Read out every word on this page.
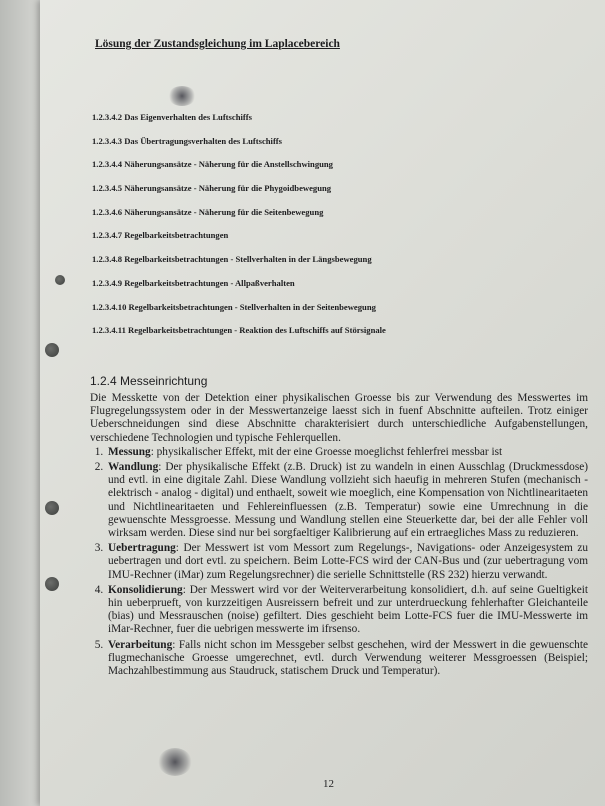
Lösung der Zustandsgleichung im Laplacebereich
1.2.3.4.2 Das Eigenverhalten des Luftschiffs
1.2.3.4.3 Das Übertragungsverhalten des Luftschiffs
1.2.3.4.4 Näherungsansätze - Näherung für die Anstellschwingung
1.2.3.4.5 Näherungsansätze - Näherung für die Phygoidbewegung
1.2.3.4.6 Näherungsansätze - Näherung für die Seitenbewegung
1.2.3.4.7 Regelbarkeitsbetrachtungen
1.2.3.4.8 Regelbarkeitsbetrachtungen - Stellverhalten in der Längsbewegung
1.2.3.4.9 Regelbarkeitsbetrachtungen - Allpaßverhalten
1.2.3.4.10 Regelbarkeitsbetrachtungen - Stellverhalten in der Seitenbewegung
1.2.3.4.11 Regelbarkeitsbetrachtungen - Reaktion des Luftschiffs auf Störsignale
1.2.4 Messeinrichtung

Die Messkette von der Detektion einer physikalischen Groesse bis zur Verwendung des Messwertes im Flugregelungssystem oder in der Messwertanzeige laesst sich in fuenf Abschnitte aufteilen. Trotz einiger Ueberschneidungen sind diese Abschnitte charakterisiert durch unterschiedliche Aufgabenstellungen, verschiedene Technologien und typische Fehlerquellen.

1. Messung: physikalischer Effekt, mit der eine Groesse moeglichst fehlerfrei messbar ist
2. Wandlung: Der physikalische Effekt (z.B. Druck) ist zu wandeln in einen Ausschlag (Druckmessdose) und evtl. in eine digitale Zahl. Diese Wandlung vollzieht sich haeufig in mehreren Stufen (mechanisch - elektrisch - analog - digital) und enthaelt, soweit wie moeglich, eine Kompensation von Nichtlinearitaeten und Nichtlinearitaeten und Fehlereinfluessen (z.B. Temperatur) sowie eine Umrechnung in die gewuenschte Messgroesse. Messung und Wandlung stellen eine Steuerkette dar, bei der alle Fehler voll wirksam werden. Diese sind nur bei sorgfaeltiger Kalibrierung auf ein ertraegliches Mass zu reduzieren.
3. Uebertragung: Der Messwert ist vom Messort zum Regelungs-, Navigations- oder Anzeigesystem zu uebertragen und dort evtl. zu speichern. Beim Lotte-FCS wird der CAN-Bus und (zur uebertragung vom IMU-Rechner (iMar) zum Regelungsrechner) die serielle Schnittstelle (RS 232) hierzu verwandt.
4. Konsolidierung: Der Messwert wird vor der Weiterverarbeitung konsolidiert, d.h. auf seine Gueltigkeit hin ueberprueft, von kurzzeitigen Ausreissern befreit und zur unterdrueckung fehlerhafter Gleichanteile (bias) und Messrauschen (noise) gefiltert. Dies geschieht beim Lotte-FCS fuer die IMU-Messwerte im iMar-Rechner, fuer die uebrigen messwerte im ifrsenso.
5. Verarbeitung: Falls nicht schon im Messgeber selbst geschehen, wird der Messwert in die gewuenschte flugmechanische Groesse umgerechnet, evtl. durch Verwendung weiterer Messgroessen (Beispiel; Machzahlbestimmung aus Staudruck, statischem Druck und Temperatur).
12
